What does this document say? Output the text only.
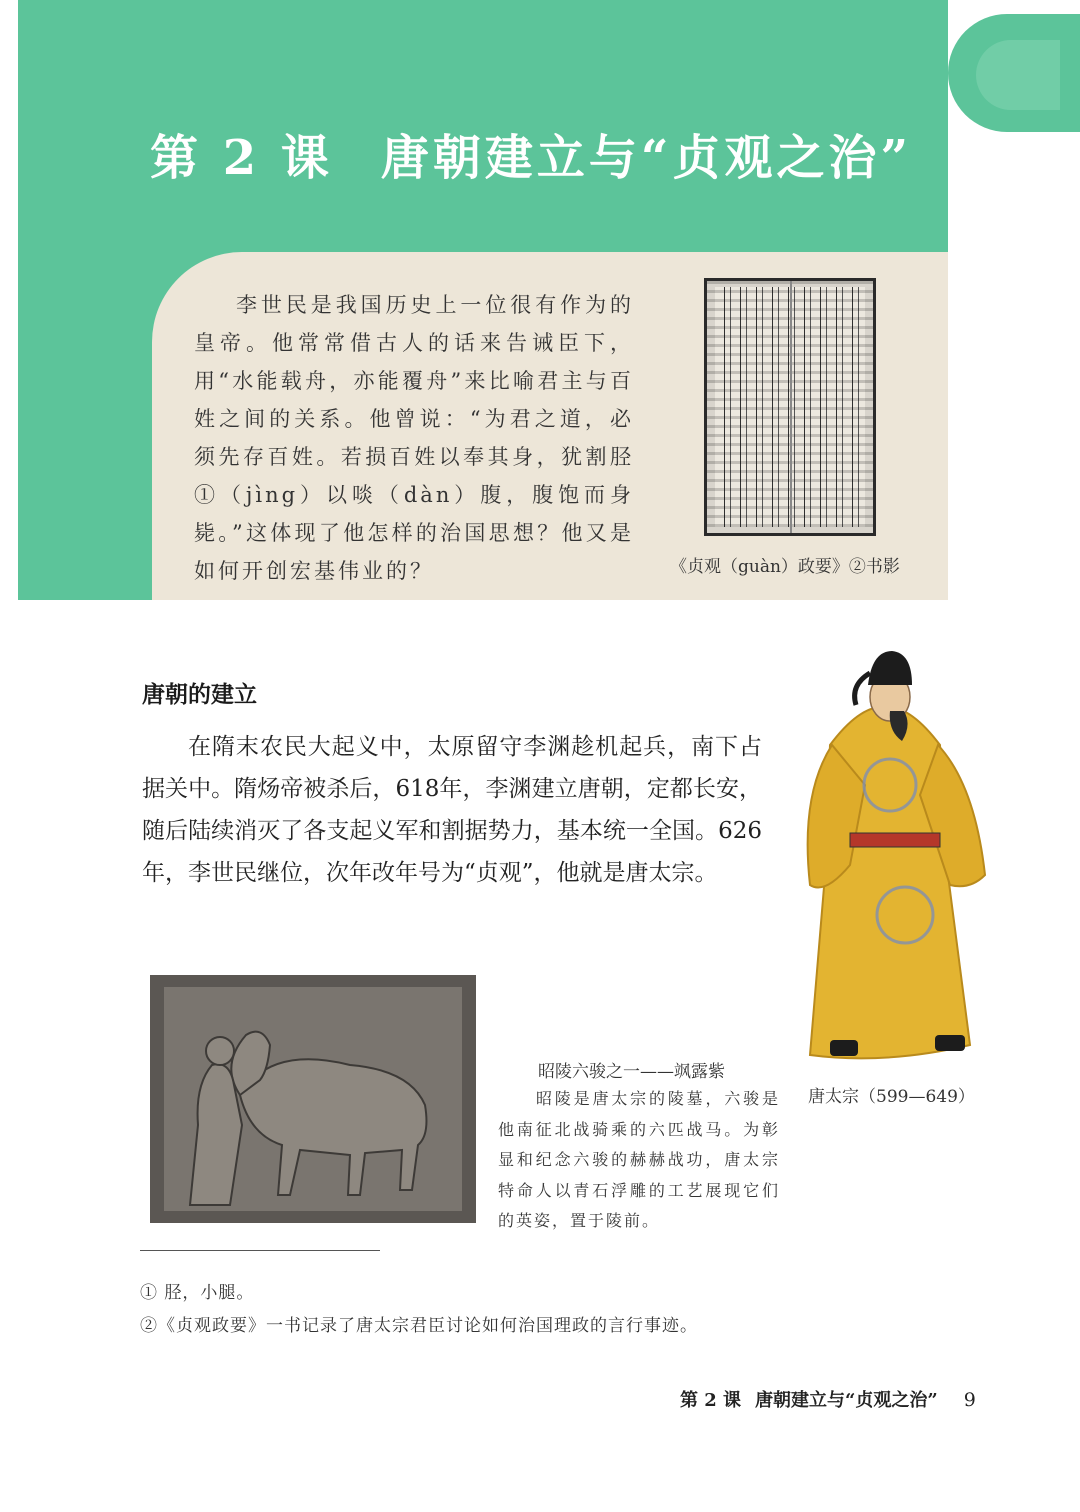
第 2 课 唐朝建立与“贞观之治”
李世民是我国历史上一位很有作为的皇帝。他常常借古人的话来告诫臣下，用“水能载舟，亦能覆舟”来比喻君主与百姓之间的关系。他曾说：“为君之道，必须先存百姓。若损百姓以奉其身，犹割胫①（jìng）以啖（dàn）腹，腹饱而身毙。”这体现了他怎样的治国思想？他又是如何开创宏基伟业的？	《贞观（guàn）政要》②书影
唐朝的建立
在隋末农民大起义中，太原留守李渊趁机起兵，南下占据关中。隋炀帝被杀后，618年，李渊建立唐朝，定都长安，随后陆续消灭了各支起义军和割据势力，基本统一全国。626年，李世民继位，次年改年号为“贞观”，他就是唐太宗。
唐太宗（599—649）
昭陵六骏之一——飒露紫
昭陵是唐太宗的陵墓，六骏是他南征北战骑乘的六匹战马。为彰显和纪念六骏的赫赫战功，唐太宗特命人以青石浮雕的工艺展现它们的英姿，置于陵前。
① 胫，小腿。
②《贞观政要》一书记录了唐太宗君臣讨论如何治国理政的言行事迹。
第 2 课 唐朝建立与“贞观之治” 9
